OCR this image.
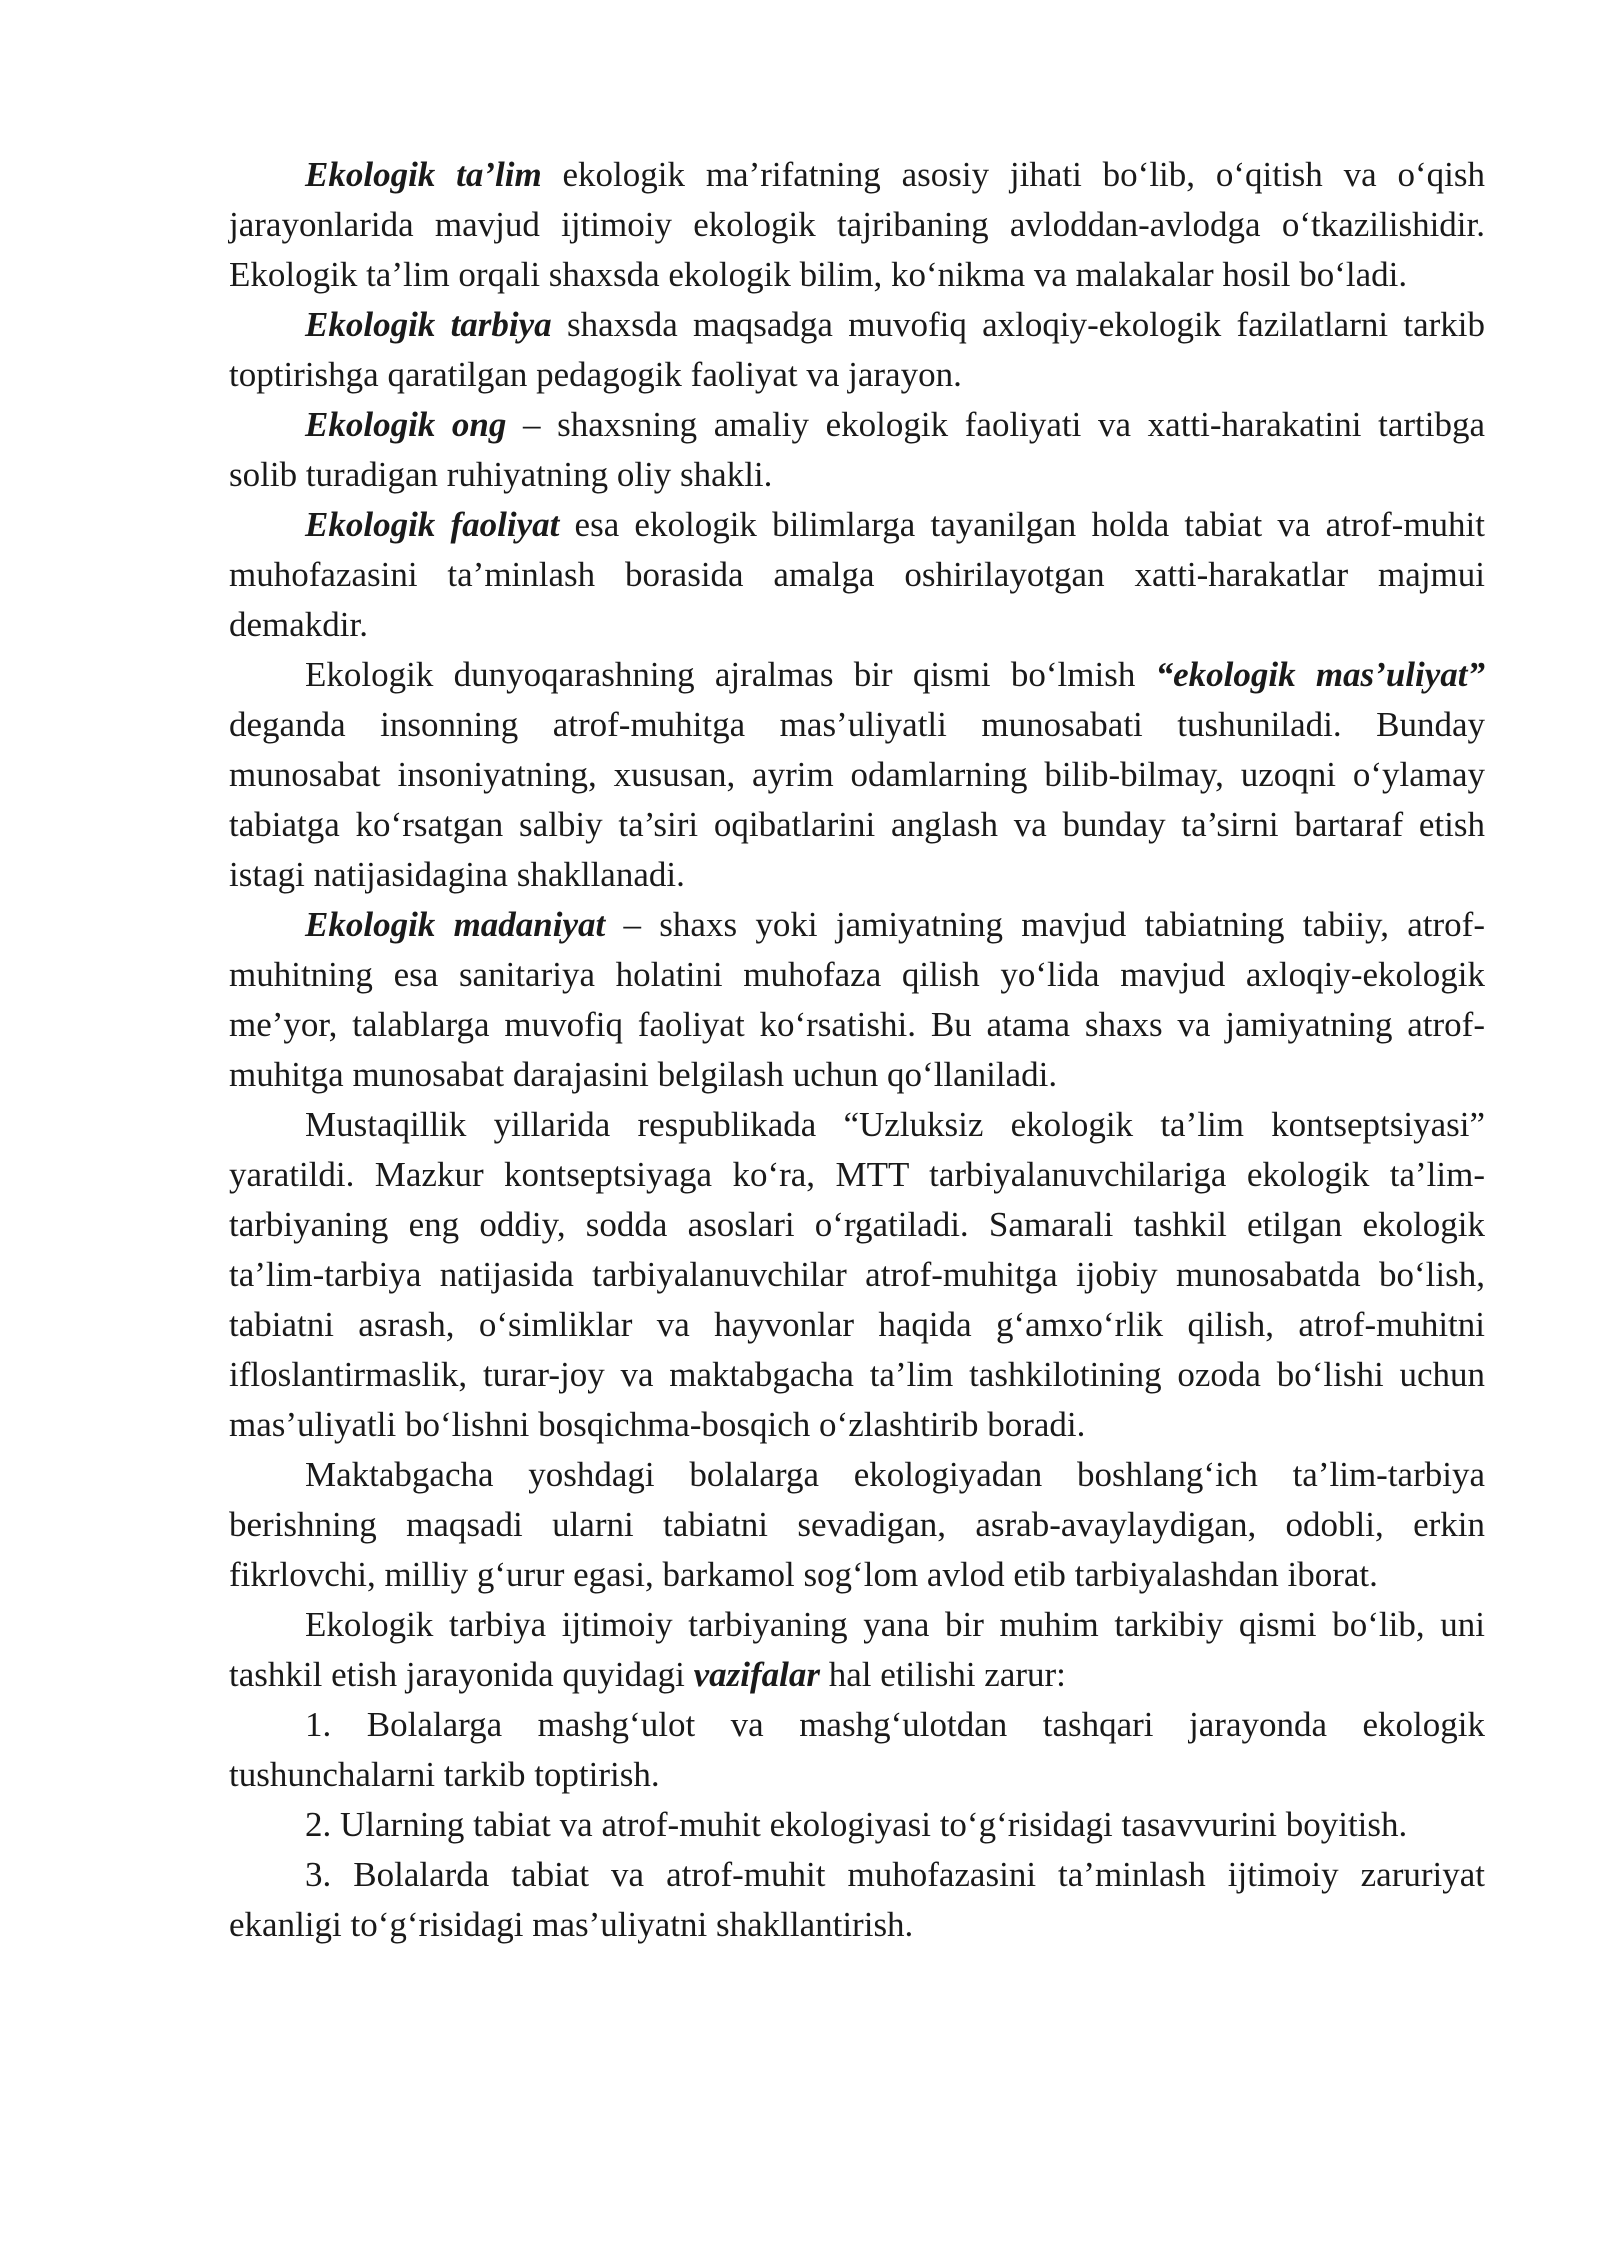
Ekologik ta’lim ekologik ma’rifatning asosiy jihati bo‘lib, o‘qitish va o‘qish jarayonlarida mavjud ijtimoiy ekologik tajribaning avloddan-avlodga o‘tkazilishidir. Ekologik ta’lim orqali shaxsda ekologik bilim, ko‘nikma va malakalar hosil bo‘ladi.

Ekologik tarbiya shaxsda maqsadga muvofiq axloqiy-ekologik fazilatlarni tarkib toptirishga qaratilgan pedagogik faoliyat va jarayon.

Ekologik ong – shaxsning amaliy ekologik faoliyati va xatti-harakatini tartibga solib turadigan ruhiyatning oliy shakli.

Ekologik faoliyat esa ekologik bilimlarga tayanilgan holda tabiat va atrof-muhit muhofazasini ta’minlash borasida amalga oshirilayotgan xatti-harakatlar majmui demakdir.

Ekologik dunyoqarashning ajralmas bir qismi bo‘lmish “ekologik mas’uliyat” deganda insonning atrof-muhitga mas’uliyatli munosabati tushuniladi. Bunday munosabat insoniyatning, xususan, ayrim odamlarning bilib-bilmay, uzoqni o‘ylamay tabiatga ko‘rsatgan salbiy ta’siri oqibatlarini anglash va bunday ta’sirni bartaraf etish istagi natijasidagina shakllanadi.

Ekologik madaniyat – shaxs yoki jamiyatning mavjud tabiatning tabiiy, atrof-muhitning esa sanitariya holatini muhofaza qilish yo‘lida mavjud axloqiy-ekologik me’yor, talablarga muvofiq faoliyat ko‘rsatishi. Bu atama shaxs va jamiyatning atrof-muhitga munosabat darajasini belgilash uchun qo‘llaniladi.

Mustaqillik yillarida respublikada “Uzluksiz ekologik ta’lim kontseptsiyasi” yaratildi. Mazkur kontseptsiyaga ko‘ra, MTT tarbiyalanuvchilariga ekologik ta’lim-tarbiyaning eng oddiy, sodda asoslari o‘rgatiladi. Samarali tashkil etilgan ekologik ta’lim-tarbiya natijasida tarbiyalanuvchilar atrof-muhitga ijobiy munosabatda bo‘lish, tabiatni asrash, o‘simliklar va hayvonlar haqida g‘amxo‘rlik qilish, atrof-muhitni ifloslantirmaslik, turar-joy va maktabgacha ta’lim tashkilotining ozoda bo‘lishi uchun mas’uliyatli bo‘lishni bosqichma-bosqich o‘zlashtirib boradi.

Maktabgacha yoshdagi bolalarga ekologiyadan boshlang‘ich ta’lim-tarbiya berishning maqsadi ularni tabiatni sevadigan, asrab-avaylaydigan, odobli, erkin fikrlovchi, milliy g‘urur egasi, barkamol sog‘lom avlod etib tarbiyalashdan iborat.

Ekologik tarbiya ijtimoiy tarbiyaning yana bir muhim tarkibiy qismi bo‘lib, uni tashkil etish jarayonida quyidagi vazifalar hal etilishi zarur:

1. Bolalarga mashg‘ulot va mashg‘ulotdan tashqari jarayonda ekologik tushunchalarni tarkib toptirish.

2. Ularning tabiat va atrof-muhit ekologiyasi to‘g‘risidagi tasavvurini boyitish.

3. Bolalarda tabiat va atrof-muhit muhofazasini ta’minlash ijtimoiy zaruriyat ekanligi to‘g‘risidagi mas’uliyatni shakllantirish.
